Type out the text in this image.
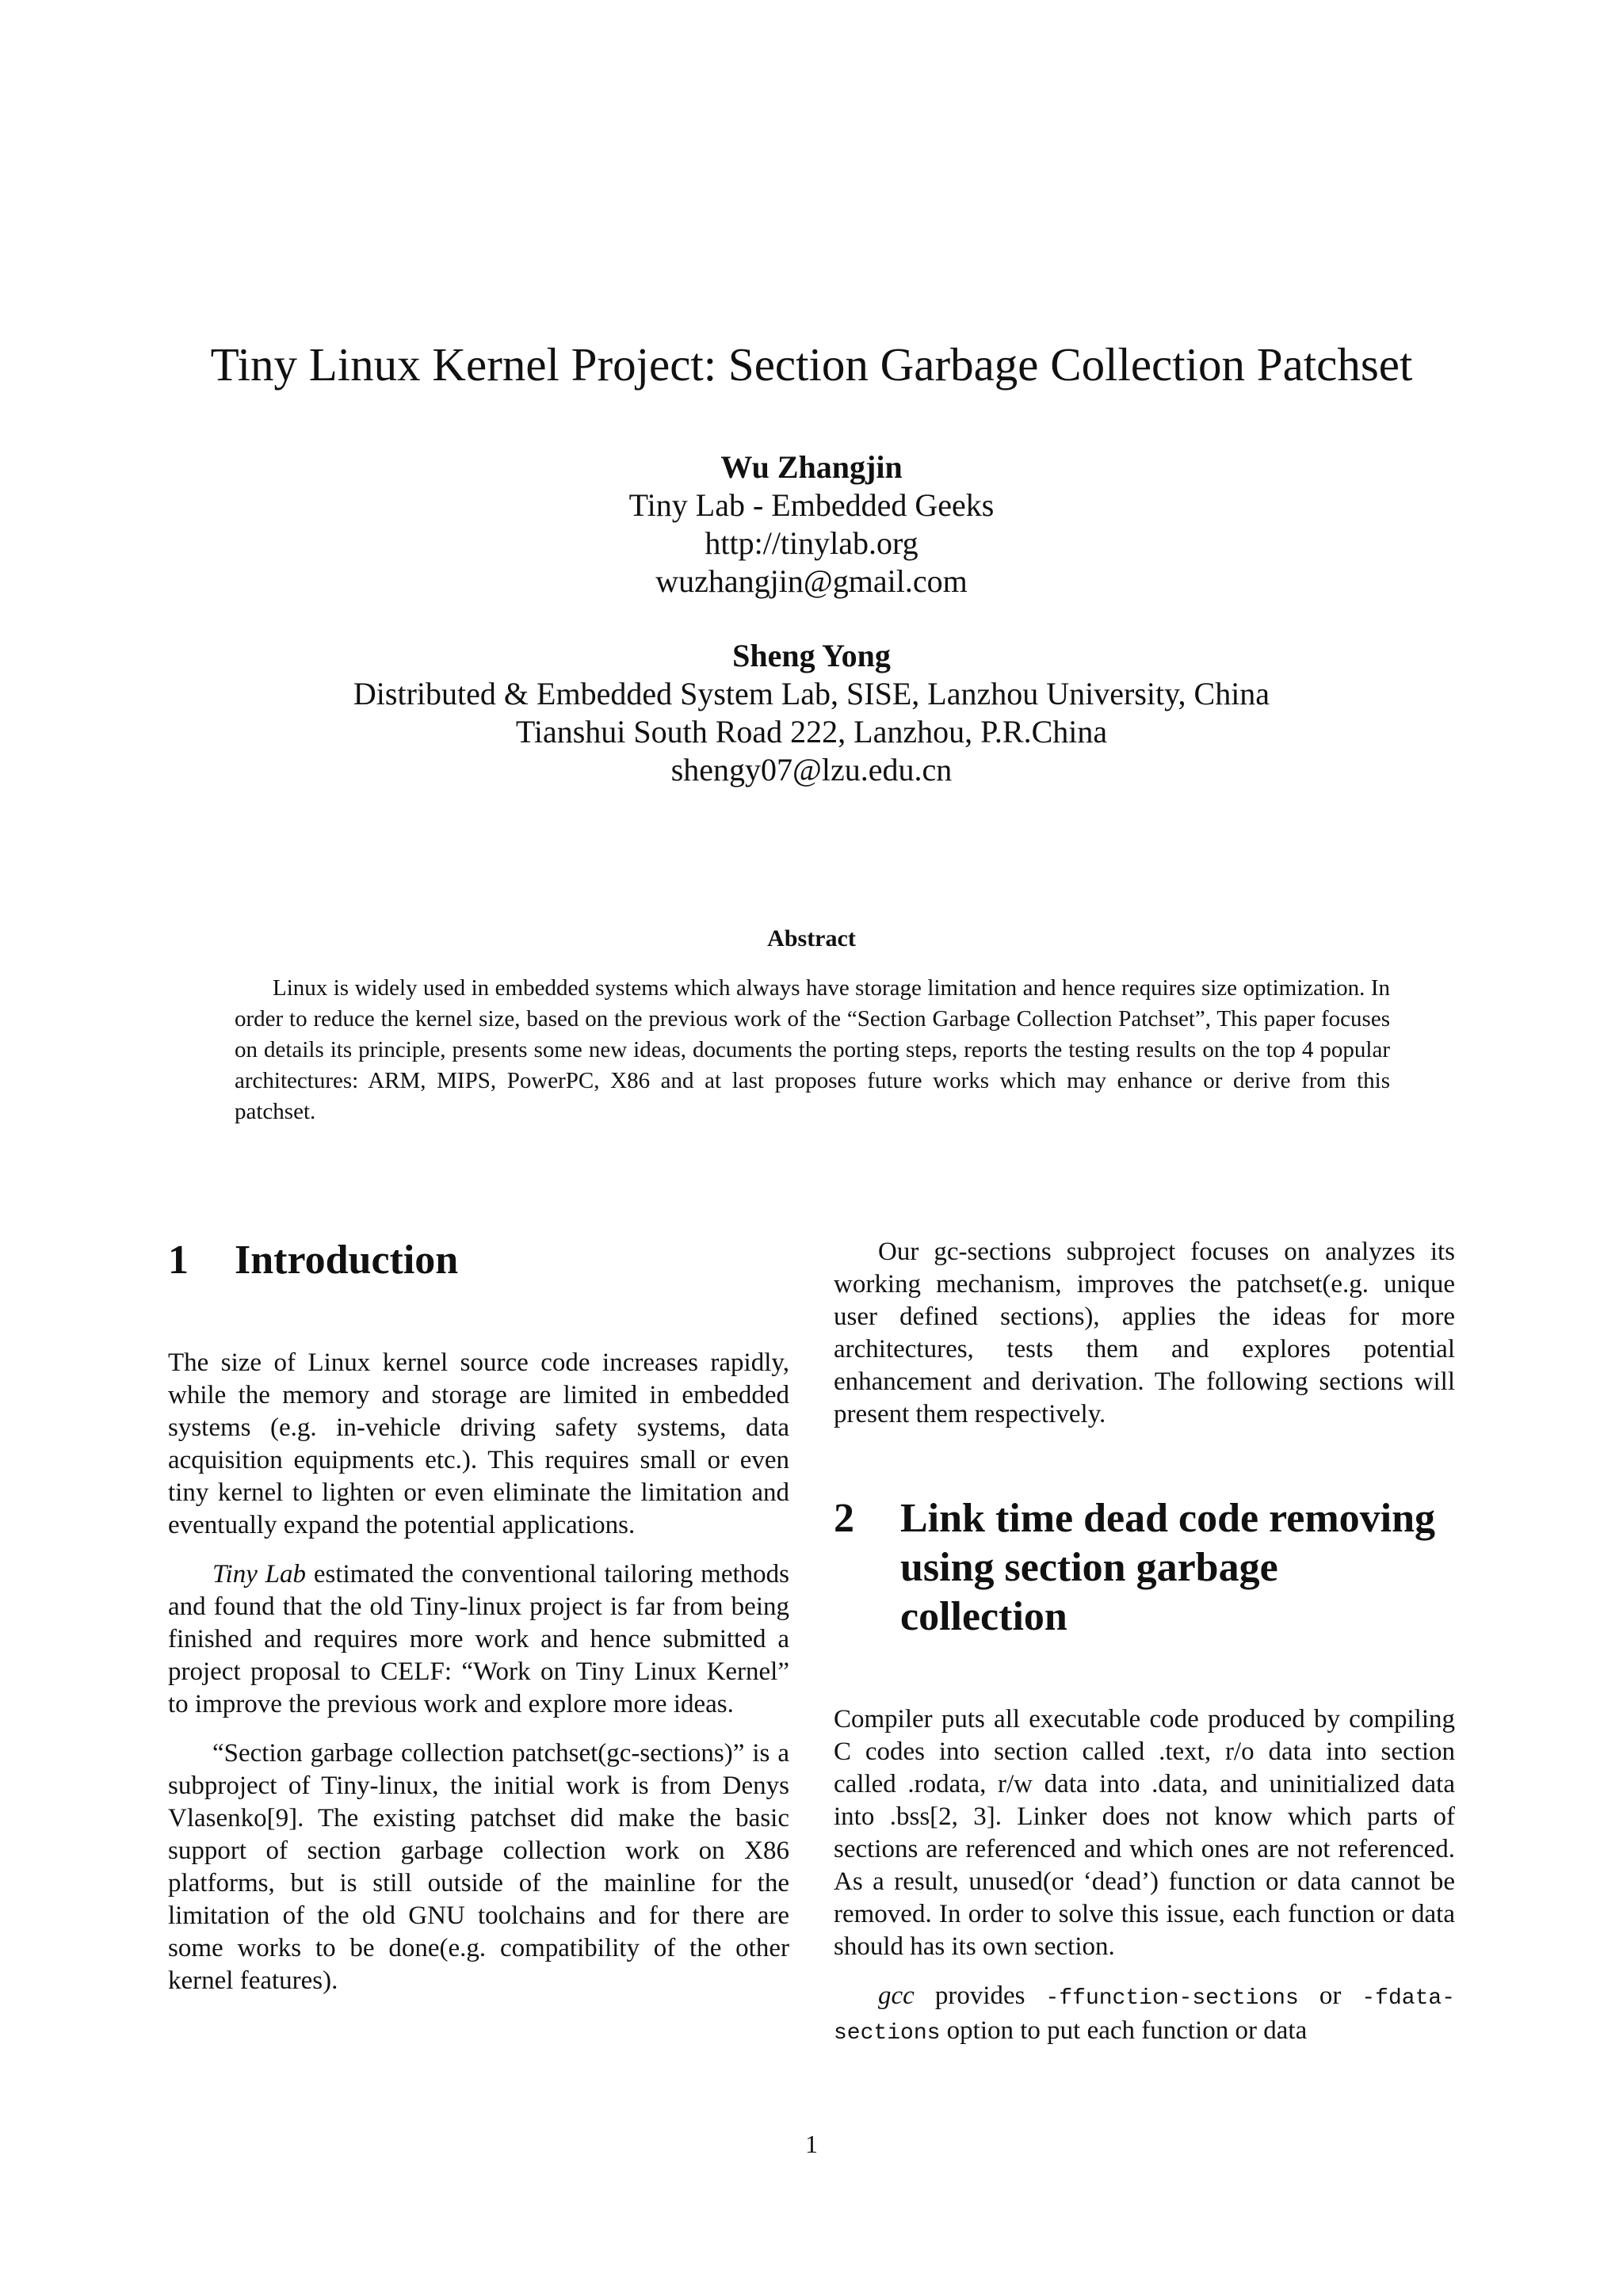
Tiny Linux Kernel Project: Section Garbage Collection Patchset
Wu Zhangjin
Tiny Lab - Embedded Geeks
http://tinylab.org
wuzhangjin@gmail.com
Sheng Yong
Distributed & Embedded System Lab, SISE, Lanzhou University, China
Tianshui South Road 222, Lanzhou, P.R.China
shengy07@lzu.edu.cn
Abstract

Linux is widely used in embedded systems which always have storage limitation and hence requires size optimization. In order to reduce the kernel size, based on the previous work of the “Section Garbage Collection Patchset”, This paper focuses on details its principle, presents some new ideas, documents the porting steps, reports the testing results on the top 4 popular architectures: ARM, MIPS, PowerPC, X86 and at last proposes future works which may enhance or derive from this patchset.

1 Introduction

The size of Linux kernel source code increases rapidly, while the memory and storage are limited in embedded systems (e.g. in-vehicle driving safety systems, data acquisition equipments etc.). This requires small or even tiny kernel to lighten or even eliminate the limitation and eventually expand the potential applications.

Tiny Lab estimated the conventional tailoring methods and found that the old Tiny-linux project is far from being finished and requires more work and hence submitted a project proposal to CELF: “Work on Tiny Linux Kernel” to improve the previous work and explore more ideas.

“Section garbage collection patchset(gc-sections)” is a subproject of Tiny-linux, the initial work is from Denys Vlasenko[9]. The existing patchset did make the basic support of section garbage collection work on X86 platforms, but is still outside of the mainline for the limitation of the old GNU toolchains and for there are some works to be done(e.g. compatibility of the other kernel features).

Our gc-sections subproject focuses on analyzes its working mechanism, improves the patchset(e.g. unique user defined sections), applies the ideas for more architectures, tests them and explores potential enhancement and derivation. The following sections will present them respectively.

2 Link time dead code removing using section garbage collection

Compiler puts all executable code produced by compiling C codes into section called .text, r/o data into section called .rodata, r/w data into .data, and uninitialized data into .bss[2, 3]. Linker does not know which parts of sections are referenced and which ones are not referenced. As a result, unused(or ‘dead’) function or data cannot be removed. In order to solve this issue, each function or data should has its own section.

gcc provides -ffunction-sections or -fdata-sections option to put each function or data

1
